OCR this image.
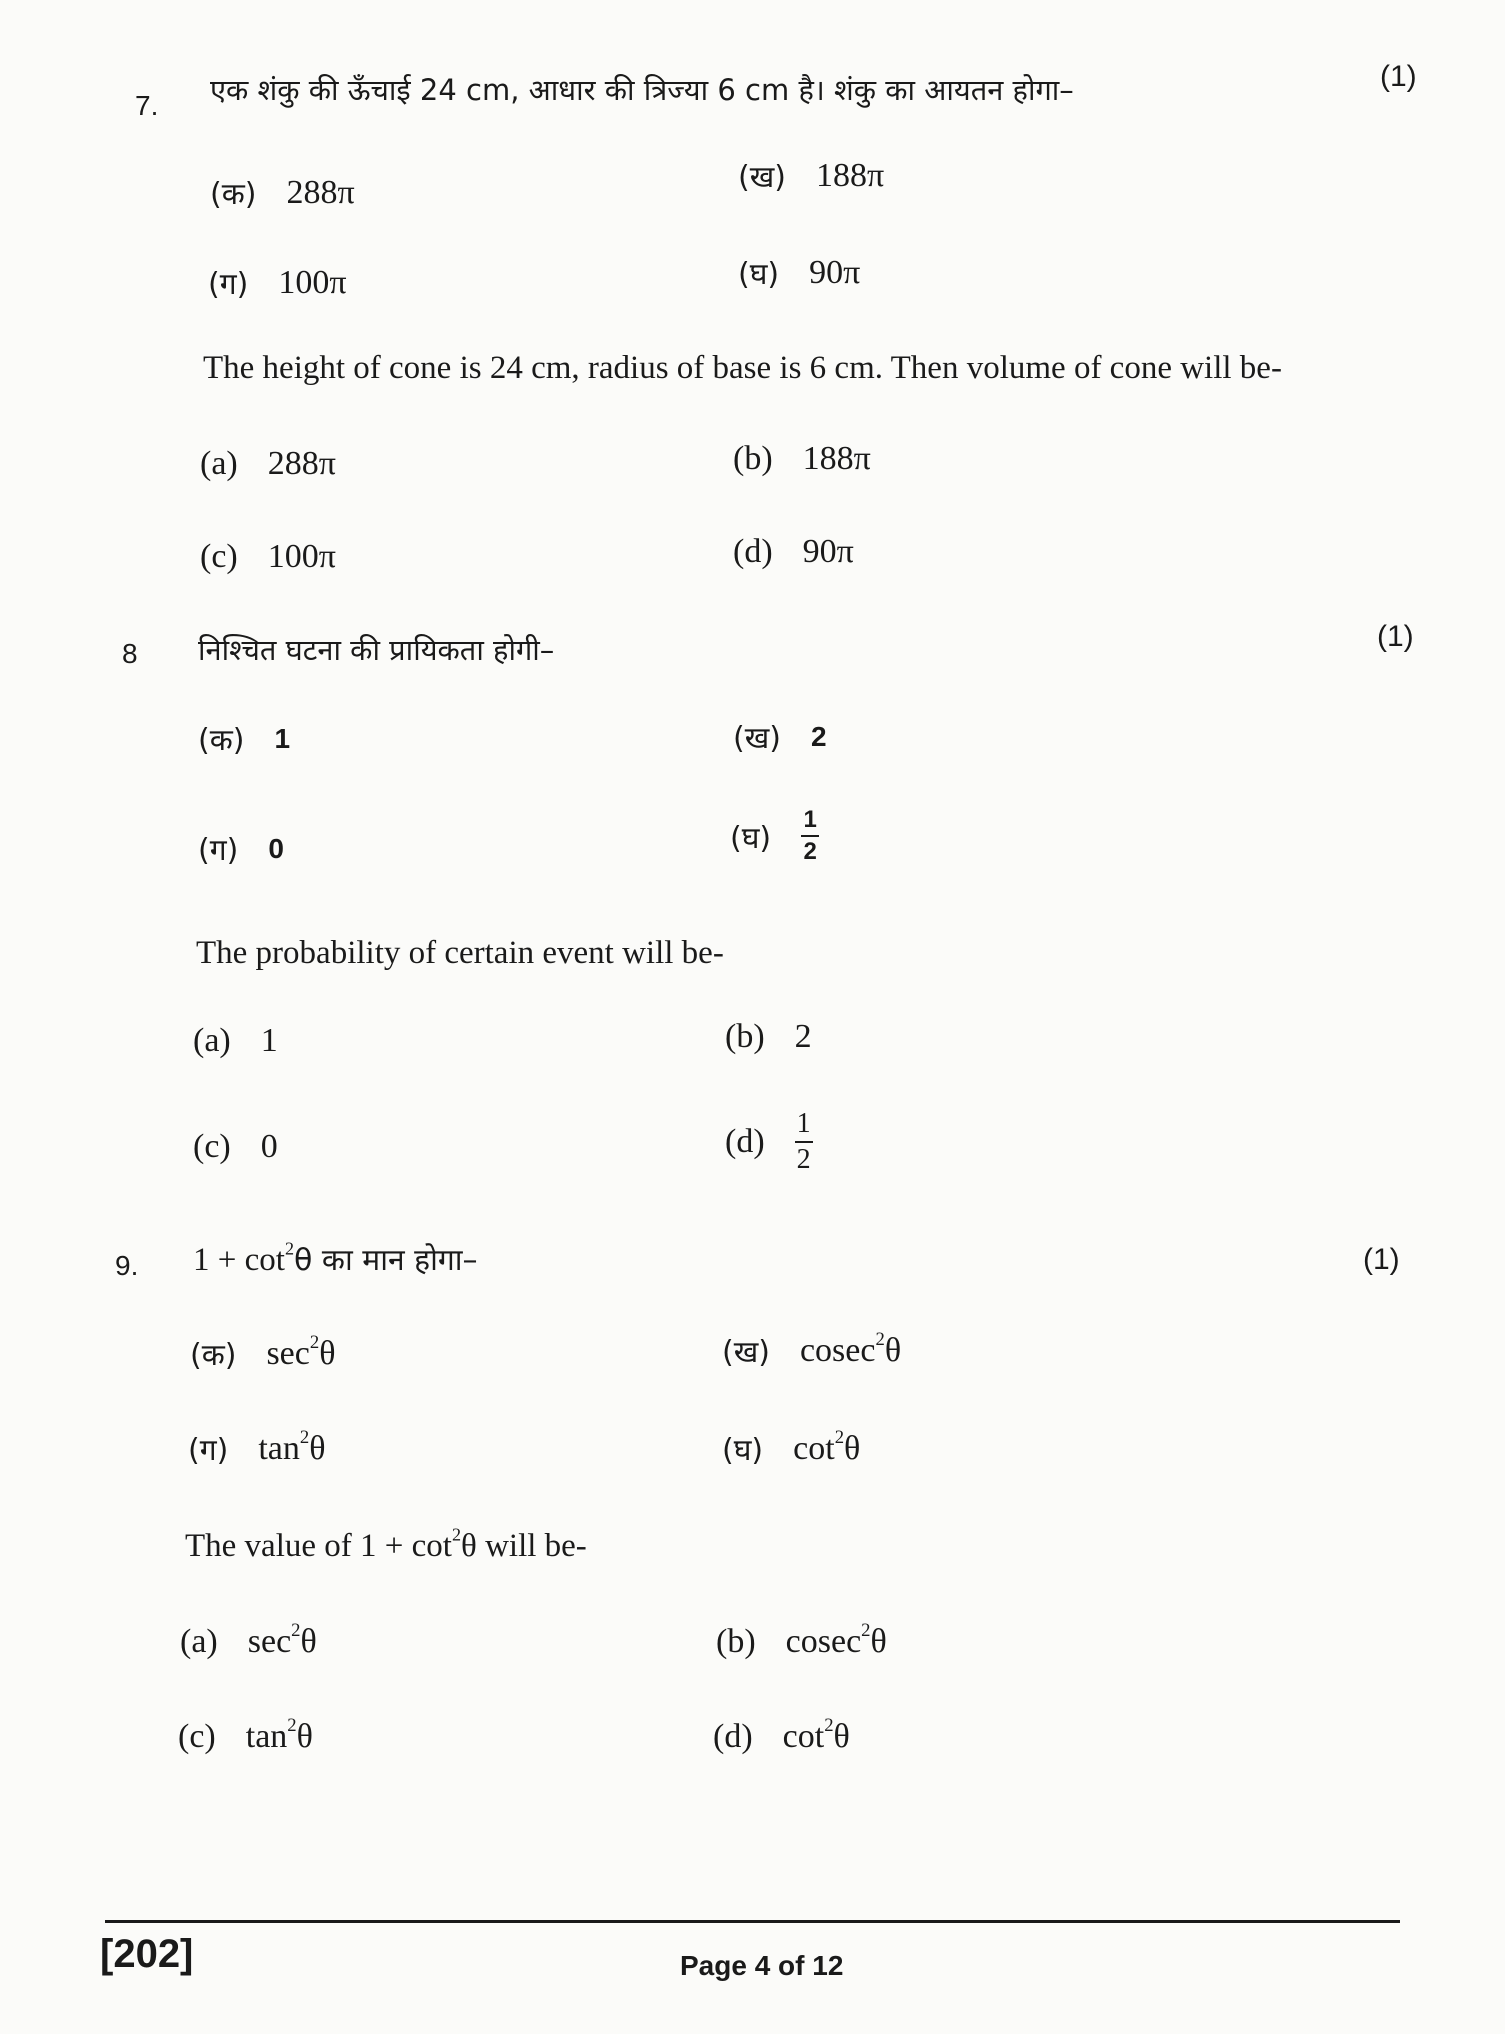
7.
(1)
एक शंकु की ऊँचाई 24 cm, आधार की त्रिज्या 6 cm है। शंकु का आयतन होगा–
(क) 288π	(ख) 188π
(ग) 100π	(घ) 90π
The height of cone is 24 cm, radius of base is 6 cm. Then volume of cone will be-
(a) 288π	(b) 188π
(c) 100π	(d) 90π
8
(1)
निश्चित घटना की प्रायिकता होगी–
(क) 1	(ख) 2
(ग) 0	(घ) $\frac{1}{2}$
The probability of certain event will be-
(a) 1	(b) 2
(c) 0	$(d) \frac{1}{2}$
9.	(1)
$1 + \cot^2\theta$ का मान होगा–
(क) $\sec^2\theta$	(ख) cosec$^2$θ
(ग) $\tan^2\theta$	(घ) $\cot^2\theta$
The value of $1 + \cot^2\theta$ will be-
(a) $\sec^2\theta$	(b) cosec$^2$θ
(c) $\tan^2\theta$	(d) $\cot^2\theta$
[202]	Page 4 of 12
